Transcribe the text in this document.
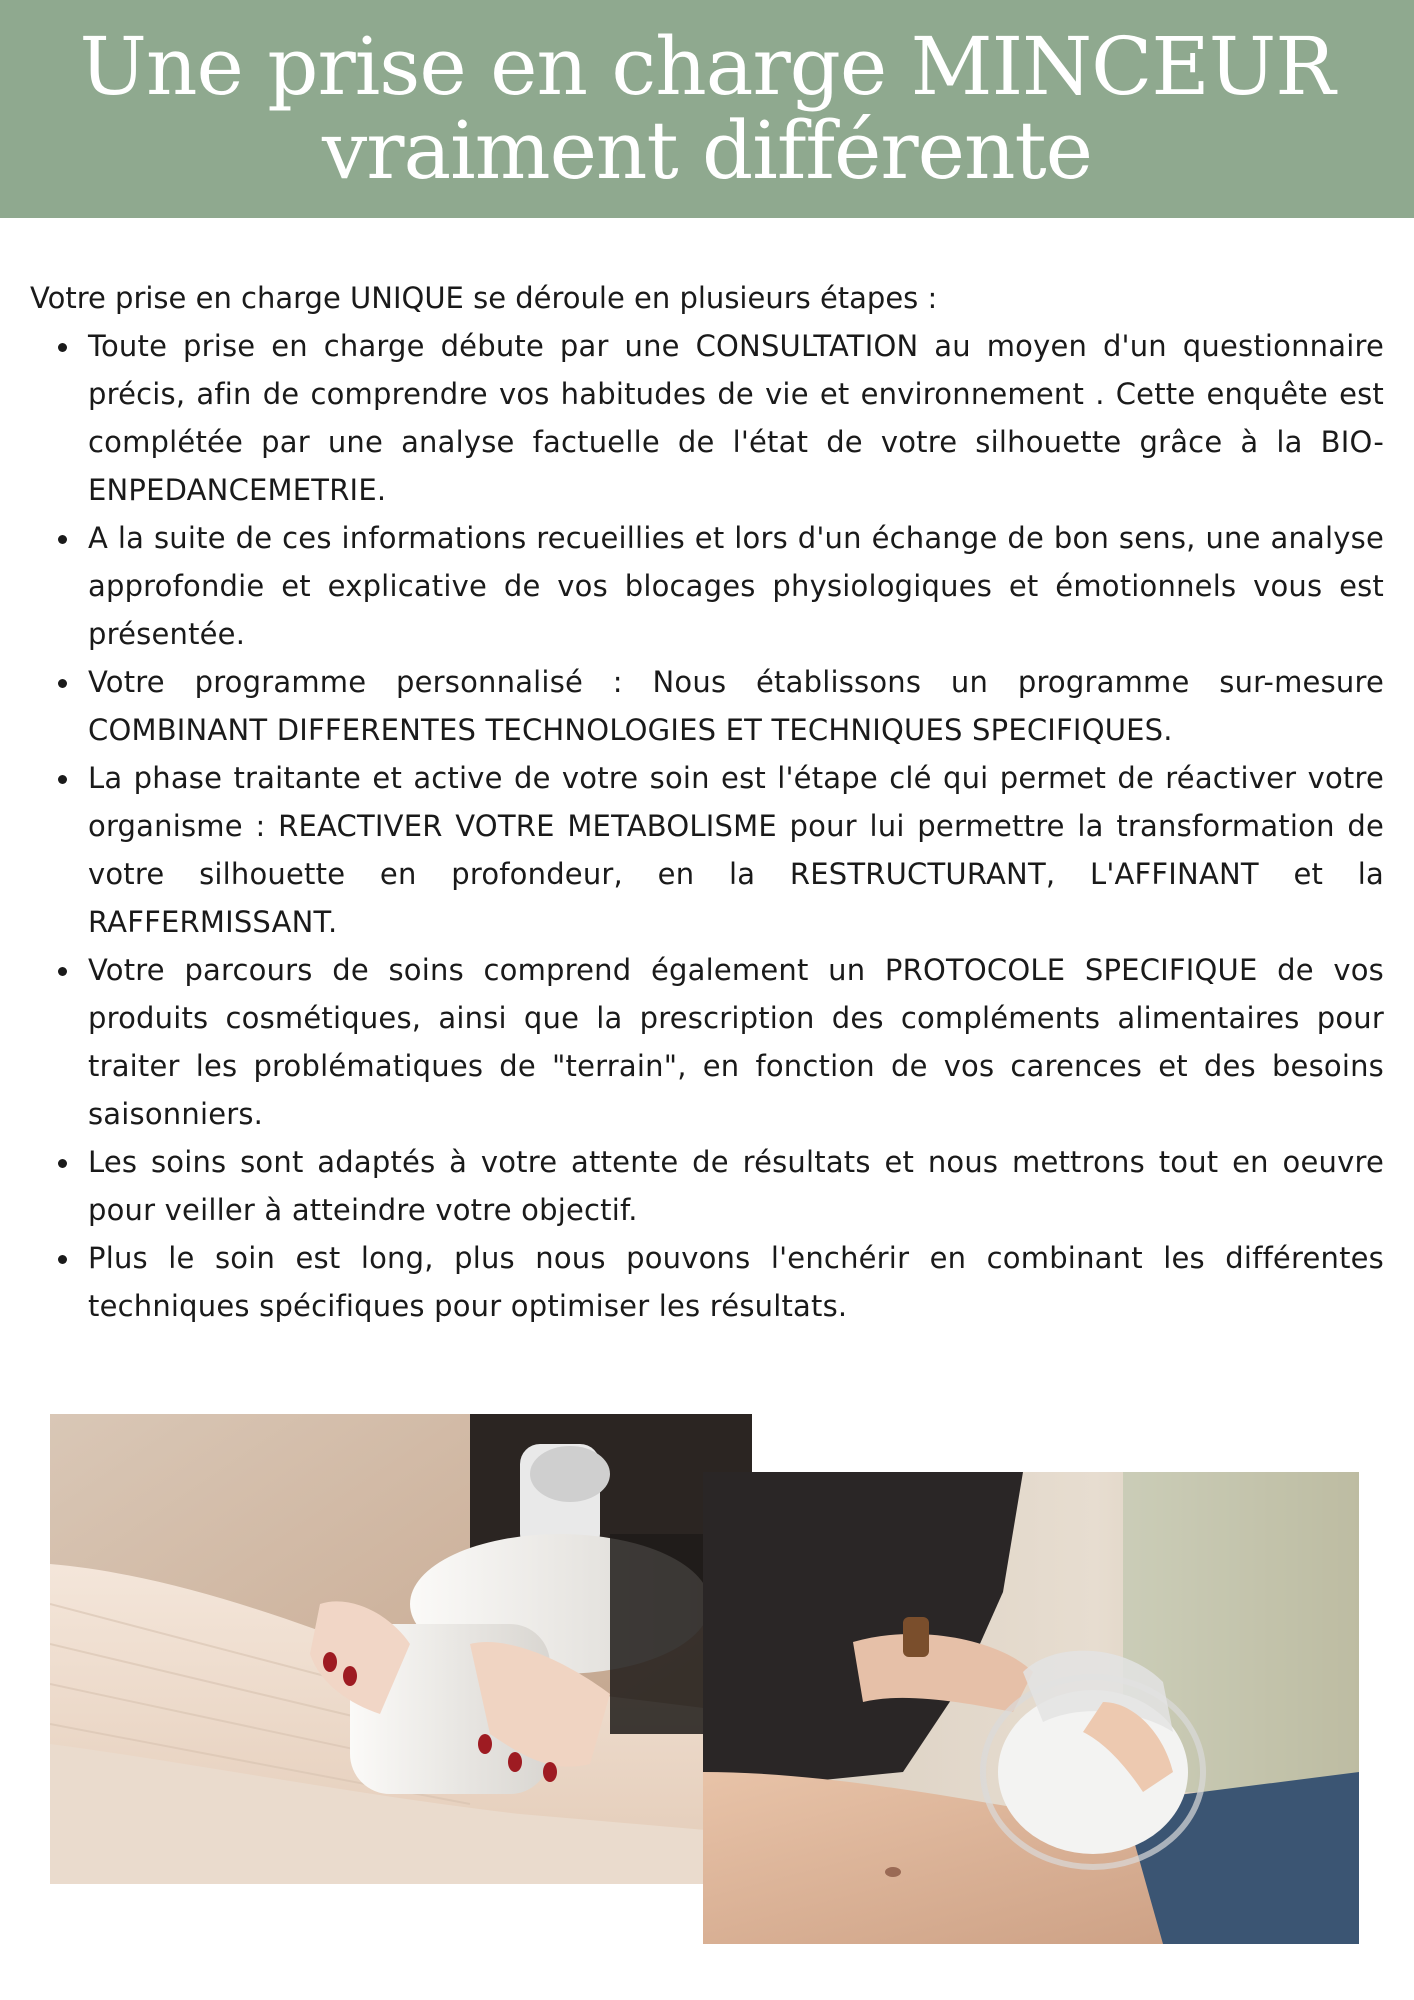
Une prise en charge MINCEUR
vraiment différente

Votre prise en charge UNIQUE se déroule en plusieurs étapes :

Toute prise en charge débute par une CONSULTATION au moyen d'un questionnaire précis, afin de comprendre vos habitudes de vie et environnement . Cette enquête est complétée par une analyse factuelle de l'état de votre silhouette grâce à la BIO-ENPEDANCEMETRIE.
A la suite de ces informations recueillies et lors d'un échange de bon sens, une analyse approfondie et explicative de vos blocages physiologiques et émotionnels vous est présentée.
Votre programme personnalisé : Nous établissons un programme sur-mesure COMBINANT DIFFERENTES TECHNOLOGIES ET TECHNIQUES SPECIFIQUES.
La phase traitante et active de votre soin est l'étape clé qui permet de réactiver votre organisme : REACTIVER VOTRE METABOLISME pour lui permettre la transformation de votre silhouette en profondeur, en la RESTRUCTURANT, L'AFFINANT et la RAFFERMISSANT.
Votre parcours de soins comprend également un PROTOCOLE SPECIFIQUE de vos produits cosmétiques, ainsi que la prescription des compléments alimentaires pour traiter les problématiques de "terrain", en fonction de vos carences et des besoins saisonniers.
Les soins sont adaptés à votre attente de résultats et nous mettrons tout en oeuvre pour veiller à atteindre votre objectif.
Plus le soin est long, plus nous pouvons l'enchérir en combinant les différentes techniques spécifiques pour optimiser les résultats.
